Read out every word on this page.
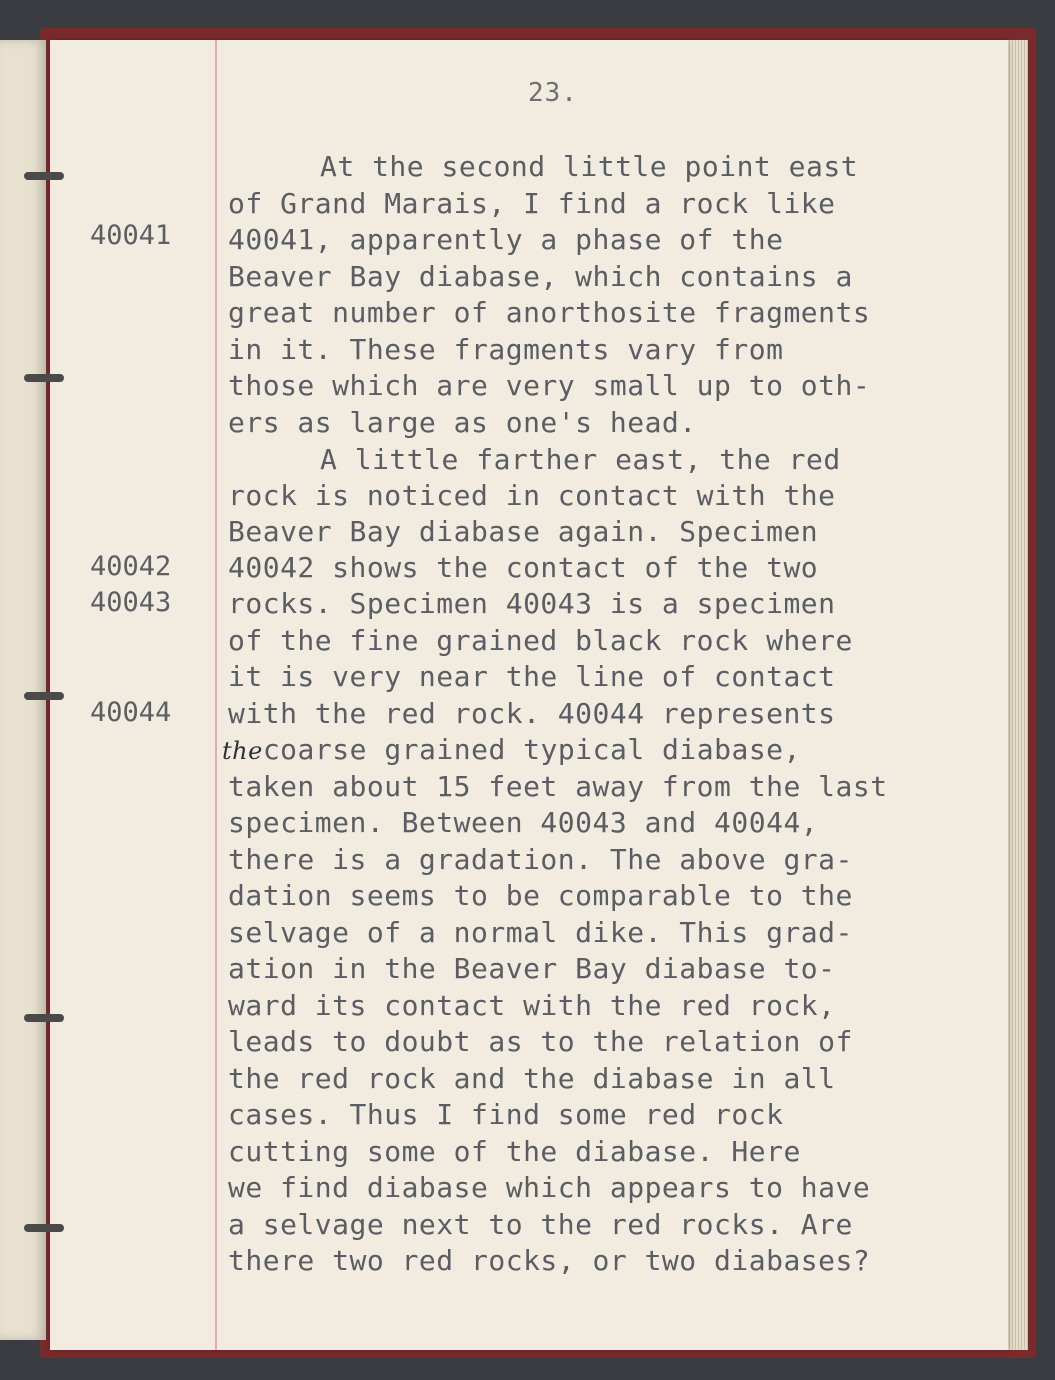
23.
40041
40042
40043
40044
At the second little point east
of Grand Marais, I find a rock like
40041, apparently a phase of the
Beaver Bay diabase, which contains a
great number of anorthosite fragments
in it. These fragments vary from
those which are very small up to oth-
ers as large as one's head.
A little farther east, the red
rock is noticed in contact with the
Beaver Bay diabase again. Specimen
40042 shows the contact of the two
rocks. Specimen 40043 is a specimen
of the fine grained black rock where
it is very near the line of contact
with the red rock. 40044 represents
thecoarse grained typical diabase,
taken about 15 feet away from the last
specimen. Between 40043 and 40044,
there is a gradation. The above gra-
dation seems to be comparable to the
selvage of a normal dike. This grad-
ation in the Beaver Bay diabase to-
ward its contact with the red rock,
leads to doubt as to the relation of
the red rock and the diabase in all
cases. Thus I find some red rock
cutting some of the diabase. Here
we find diabase which appears to have
a selvage next to the red rocks. Are
there two red rocks, or two diabases?
